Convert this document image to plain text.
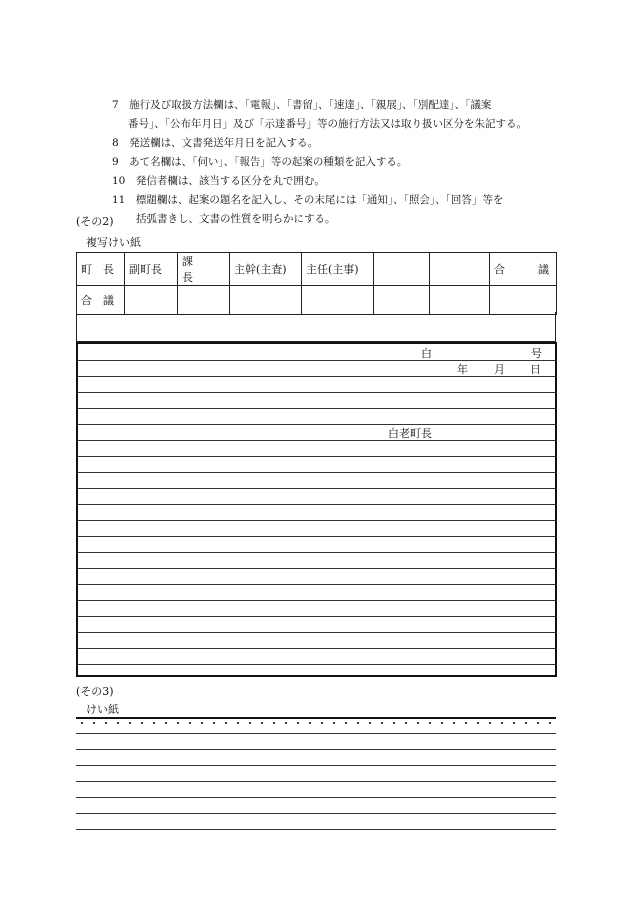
7　施行及び取扱方法欄は、「電報」、「書留」、「速達」、「親展」、「別配達」、「議案
番号」、「公布年月日」及び「示達番号」等の施行方法又は取り扱い区分を朱記する。
8　発送欄は、文書発送年月日を記入する。
9　あて名欄は、「伺い」、「報告」等の起案の種類を記入する。
10　発信者欄は、該当する区分を丸で囲む。
11　標題欄は、起案の題名を記入し、その末尾には「通知」、「照会」、「回答」等を
括弧書きし、文書の性質を明らかにする。
(その2)
複写けい紙
町　長	副町長	課　　長	主幹(主査)	主任(主事)			合　　　議
合　議							
白	号
年 月 日
白老町長
(その3)
けい紙
